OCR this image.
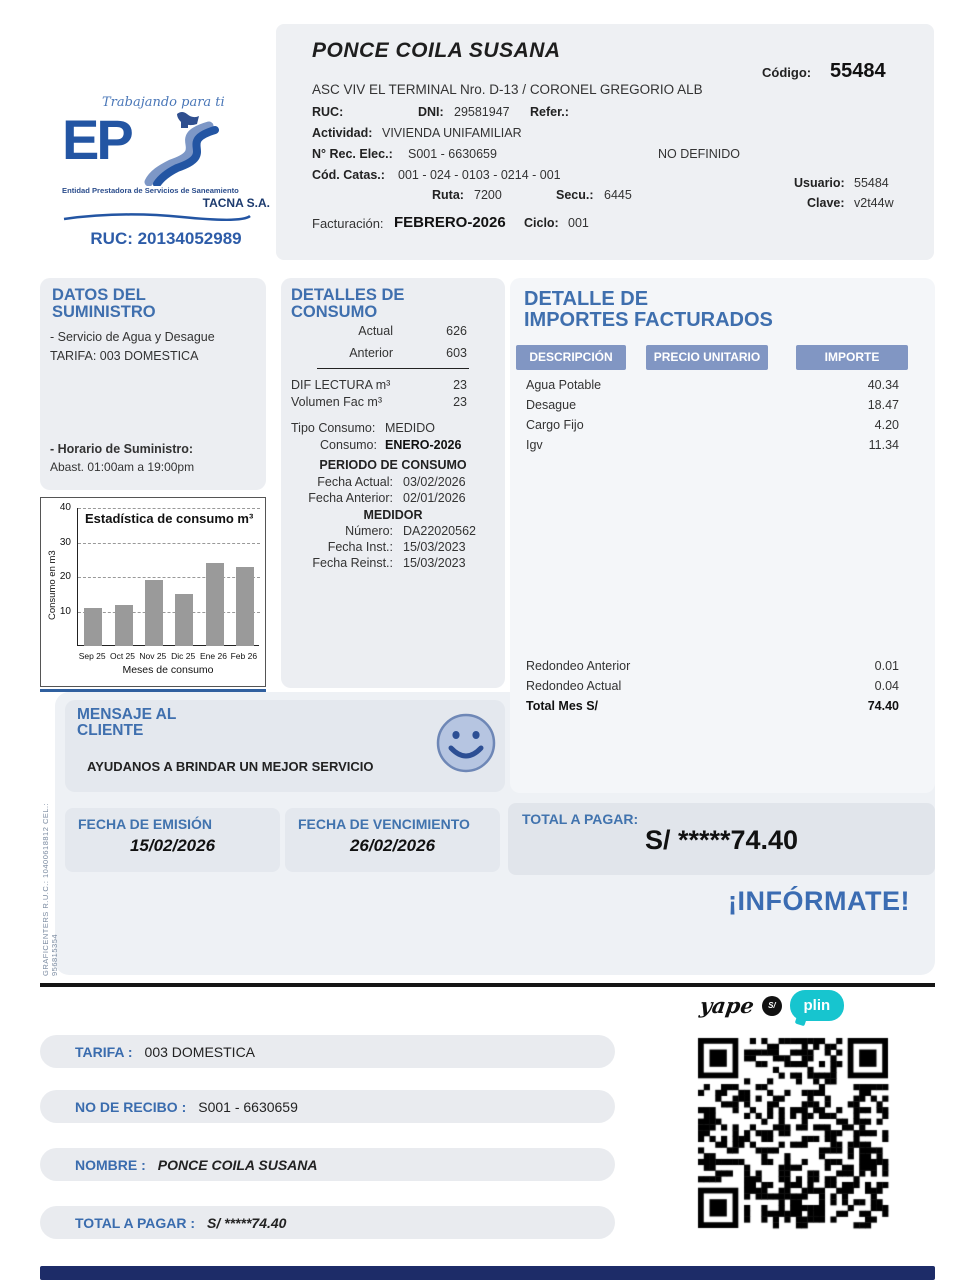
PONCE COILA SUSANA
Código: 55484
ASC VIV EL TERMINAL Nro. D-13 / CORONEL GREGORIO ALB
RUC:	DNI: 29581947 Refer.:
Actividad: VIVIENDA UNIFAMILIAR
N° Rec. Elec.: S001 - 6630659	NO DEFINIDO
Cód. Catas.: 001 - 024 - 0103 - 0214 - 001
Ruta: 7200	Secu.: 6445
Usuario: 55484
Clave: v2t44w
Facturación: FEBRERO-2026 Ciclo: 001
Trabajando para ti
EP
Entidad Prestadora de Servicios de Saneamiento
TACNA S.A.
RUC: 20134052989
DATOS DEL
SUMINISTRO
- Servicio de Agua y Desague
TARIFA: 003 DOMESTICA
- Horario de Suministro:
Abast. 01:00am a 19:00pm
Estadística de consumo m³
Consumo en m3
Meses de consumo
10
20
30
40
Sep 25 Oct 25 Nov 25 Dic 25 Ene 26 Feb 26
DETALLES DE
CONSUMO
Actual	626
Anterior	603
DIF LECTURA m³	23
Volumen Fac m³	23
Tipo Consumo: MEDIDO
Consumo: ENERO-2026
PERIODO DE CONSUMO
Fecha Actual: 03/02/2026
Fecha Anterior: 02/01/2026
MEDIDOR
Número: DA22020562
Fecha Inst.: 15/03/2023
Fecha Reinst.: 15/03/2023
DETALLE DE
IMPORTES FACTURADOS
DESCRIPCIÓN	PRECIO UNITARIO	IMPORTE
Agua Potable	40.34
Desague	18.47
Cargo Fijo	4.20
Igv	11.34
Redondeo Anterior	0.01
Redondeo Actual	0.04
Total Mes S/	74.40
MENSAJE AL
CLIENTE
AYUDANOS A BRINDAR UN MEJOR SERVICIO
FECHA DE EMISIÓN
15/02/2026
FECHA DE VENCIMIENTO
26/02/2026
TOTAL A PAGAR:
S/ *****74.40
¡INFÓRMATE!
GRAFICENTERS R.U.C.: 10400618812 CEL.: 956815354
yape	S/	plin
TARIFA : 003 DOMESTICA
NO DE RECIBO : S001 - 6630659
NOMBRE : PONCE COILA SUSANA
TOTAL A PAGAR : S/ *****74.40
